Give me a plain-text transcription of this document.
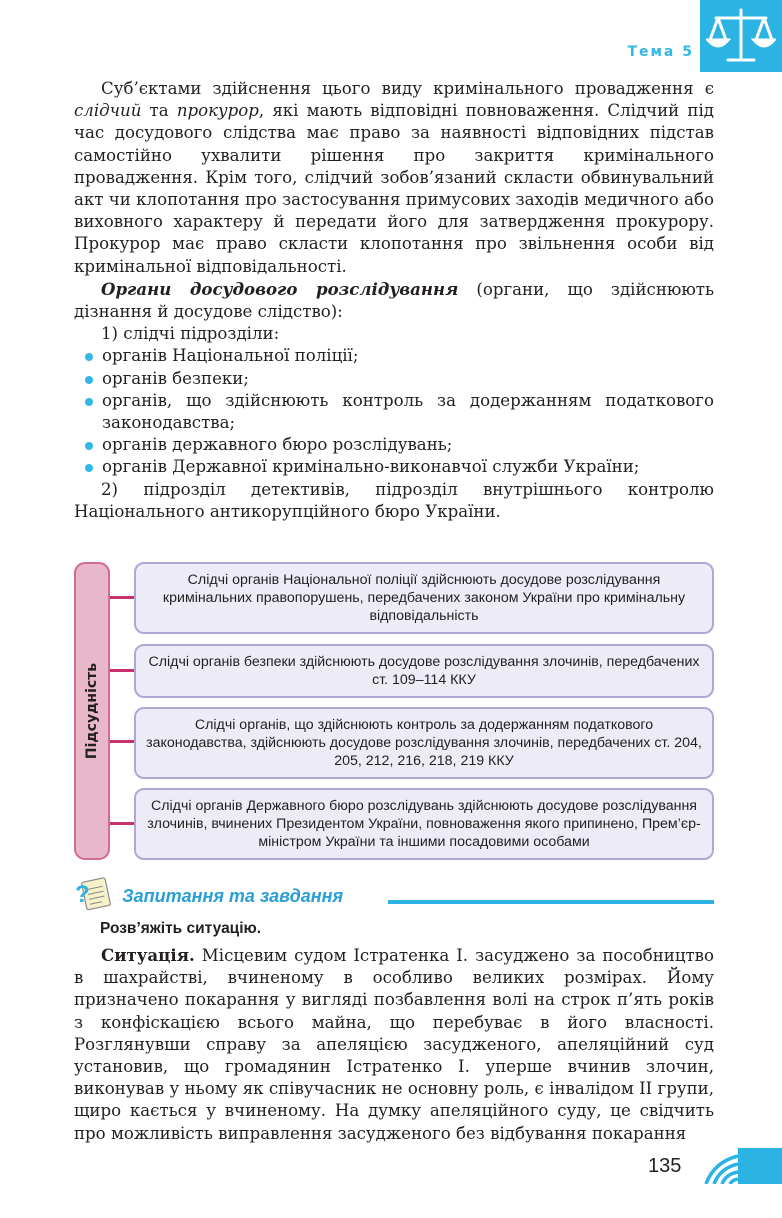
Тема 5

Суб’єктами здійснення цього виду кримінального провадження є слідчий та прокурор, які мають відповідні повноваження. Слідчий під час досудового слідства має право за наявності відповідних підстав самостійно ухвалити рішення про закриття кримінального провадження. Крім того, слідчий зобов’язаний скласти обвинувальний акт чи клопотання про застосування примусових заходів медичного або виховного характеру й передати його для затвердження прокурору. Прокурор має право скласти клопотання про звільнення особи від кримінальної відповідальності.

Органи досудового розслідування (органи, що здійснюють дізнання й досудове слідство):

1) слідчі підрозділи:

органів Національної поліції;
органів безпеки;
органів, що здійснюють контроль за додержанням податкового законодавства;
органів державного бюро розслідувань;
органів Державної кримінально-виконавчої служби України;

2) підрозділ детективів, підрозділ внутрішнього контролю Національного антикорупційного бюро України.

Підсудність
Слідчі органів Національної поліції здійснюють досудове розслідування кримінальних правопорушень, передбачених законом України про кримінальну відповідальність
Слідчі органів безпеки здійснюють досудове розслідування злочинів, передбачених ст. 109–114 ККУ
Слідчі органів, що здійснюють контроль за додержанням податкового законодавства, здійснюють досудове розслідування злочинів, передбачених ст. 204, 205, 212, 216, 218, 219 ККУ
Слідчі органів Державного бюро розслідувань здійснюють досудове розслідування злочинів, вчинених Президентом України, повноваження якого припинено, Прем’єр-міністром України та іншими посадовими особами
? Запитання та завдання
Розв’яжіть ситуацію.

Ситуація. Місцевим судом Істратенка І. засуджено за пособництво в шахрайстві, вчиненому в особливо великих розмірах. Йому призначено покарання у вигляді позбавлення волі на строк п’ять років з конфіскацією всього майна, що перебуває в його власності. Розглянувши справу за апеляцією засудженого, апеляційний суд установив, що громадянин Істратенко І. уперше вчинив злочин, виконував у ньому як співучасник не основну роль, є інвалідом II групи, щиро кається у вчиненому. На думку апеляційного суду, це свідчить про можливість виправлення засудженого без відбування покарання

135
